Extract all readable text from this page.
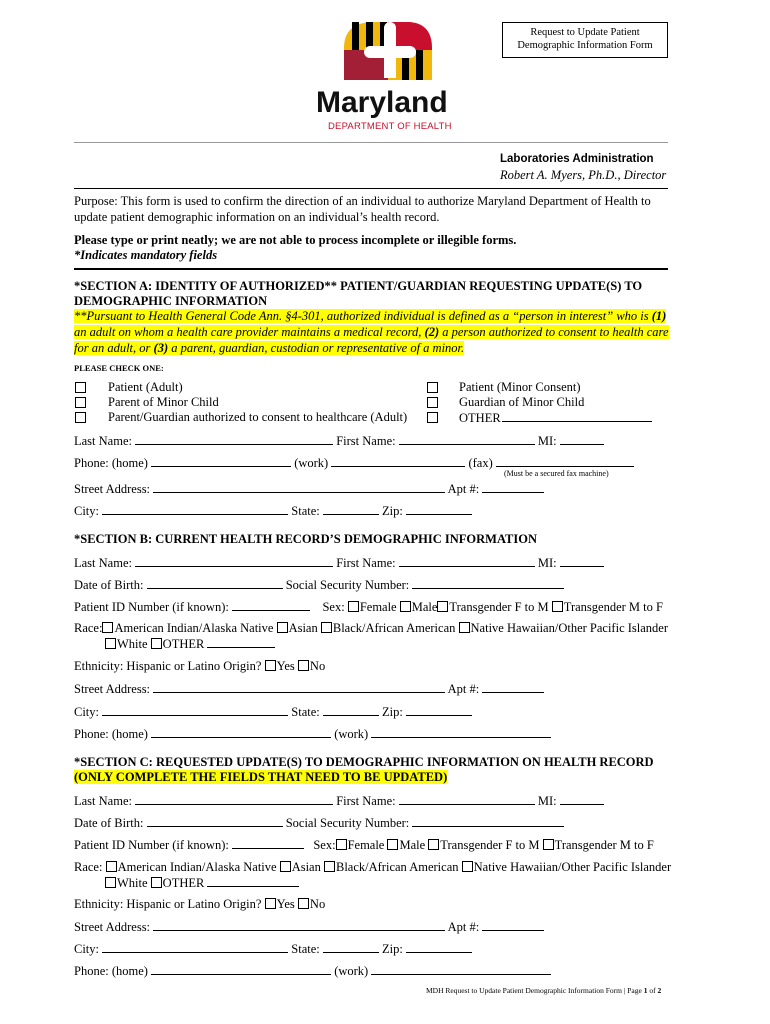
Request to Update Patient
Demographic Information Form
Maryland
DEPARTMENT OF HEALTH
Laboratories Administration
Robert A. Myers, Ph.D., Director
Purpose: This form is used to confirm the direction of an individual to authorize Maryland Department of Health to
update patient demographic information on an individual’s health record.
Please type or print neatly; we are not able to process incomplete or illegible forms.
*Indicates mandatory fields
*SECTION A: IDENTITY OF AUTHORIZED** PATIENT/GUARDIAN REQUESTING UPDATE(S) TO
DEMOGRAPHIC INFORMATION
**Pursuant to Health General Code Ann. §4-301, authorized individual is defined as a “person in interest” who is (1)
an adult on whom a health care provider maintains a medical record, (2) a person authorized to consent to health care
for an adult, or (3) a parent, guardian, custodian or representative of a minor.
PLEASE CHECK ONE:
Patient (Adult)
Parent of Minor Child
Parent/Guardian authorized to consent to healthcare (Adult)
Patient (Minor Consent)
Guardian of Minor Child
OTHER
Last Name:	First Name:	MI:
Phone: (home)	(work)	(fax)
(Must be a secured fax machine)
Street Address:	Apt #:
City:	State:	Zip:
*SECTION B: CURRENT HEALTH RECORD’S DEMOGRAPHIC INFORMATION
Last Name:	First Name:	MI:
Date of Birth:	Social Security Number:
Patient ID Number (if known):	Sex: Female Male Transgender F to M Transgender M to F
Race: American Indian/Alaska Native Asian Black/African American Native Hawaiian/Other Pacific Islander
White OTHER
Ethnicity: Hispanic or Latino Origin? Yes No
Street Address:	Apt #:
City:	State:	Zip:
Phone: (home)	(work)
*SECTION C: REQUESTED UPDATE(S) TO DEMOGRAPHIC INFORMATION ON HEALTH RECORD
(ONLY COMPLETE THE FIELDS THAT NEED TO BE UPDATED)
Last Name:	First Name:	MI:
Date of Birth:	Social Security Number:
Patient ID Number (if known):	Sex: Female Male Transgender F to M Transgender M to F
Race: American Indian/Alaska Native Asian Black/African American Native Hawaiian/Other Pacific Islander
White OTHER
Ethnicity: Hispanic or Latino Origin? Yes No
Street Address:	Apt #:
City:	State:	Zip:
Phone: (home)	(work)
MDH Request to Update Patient Demographic Information Form | Page 1 of 2
